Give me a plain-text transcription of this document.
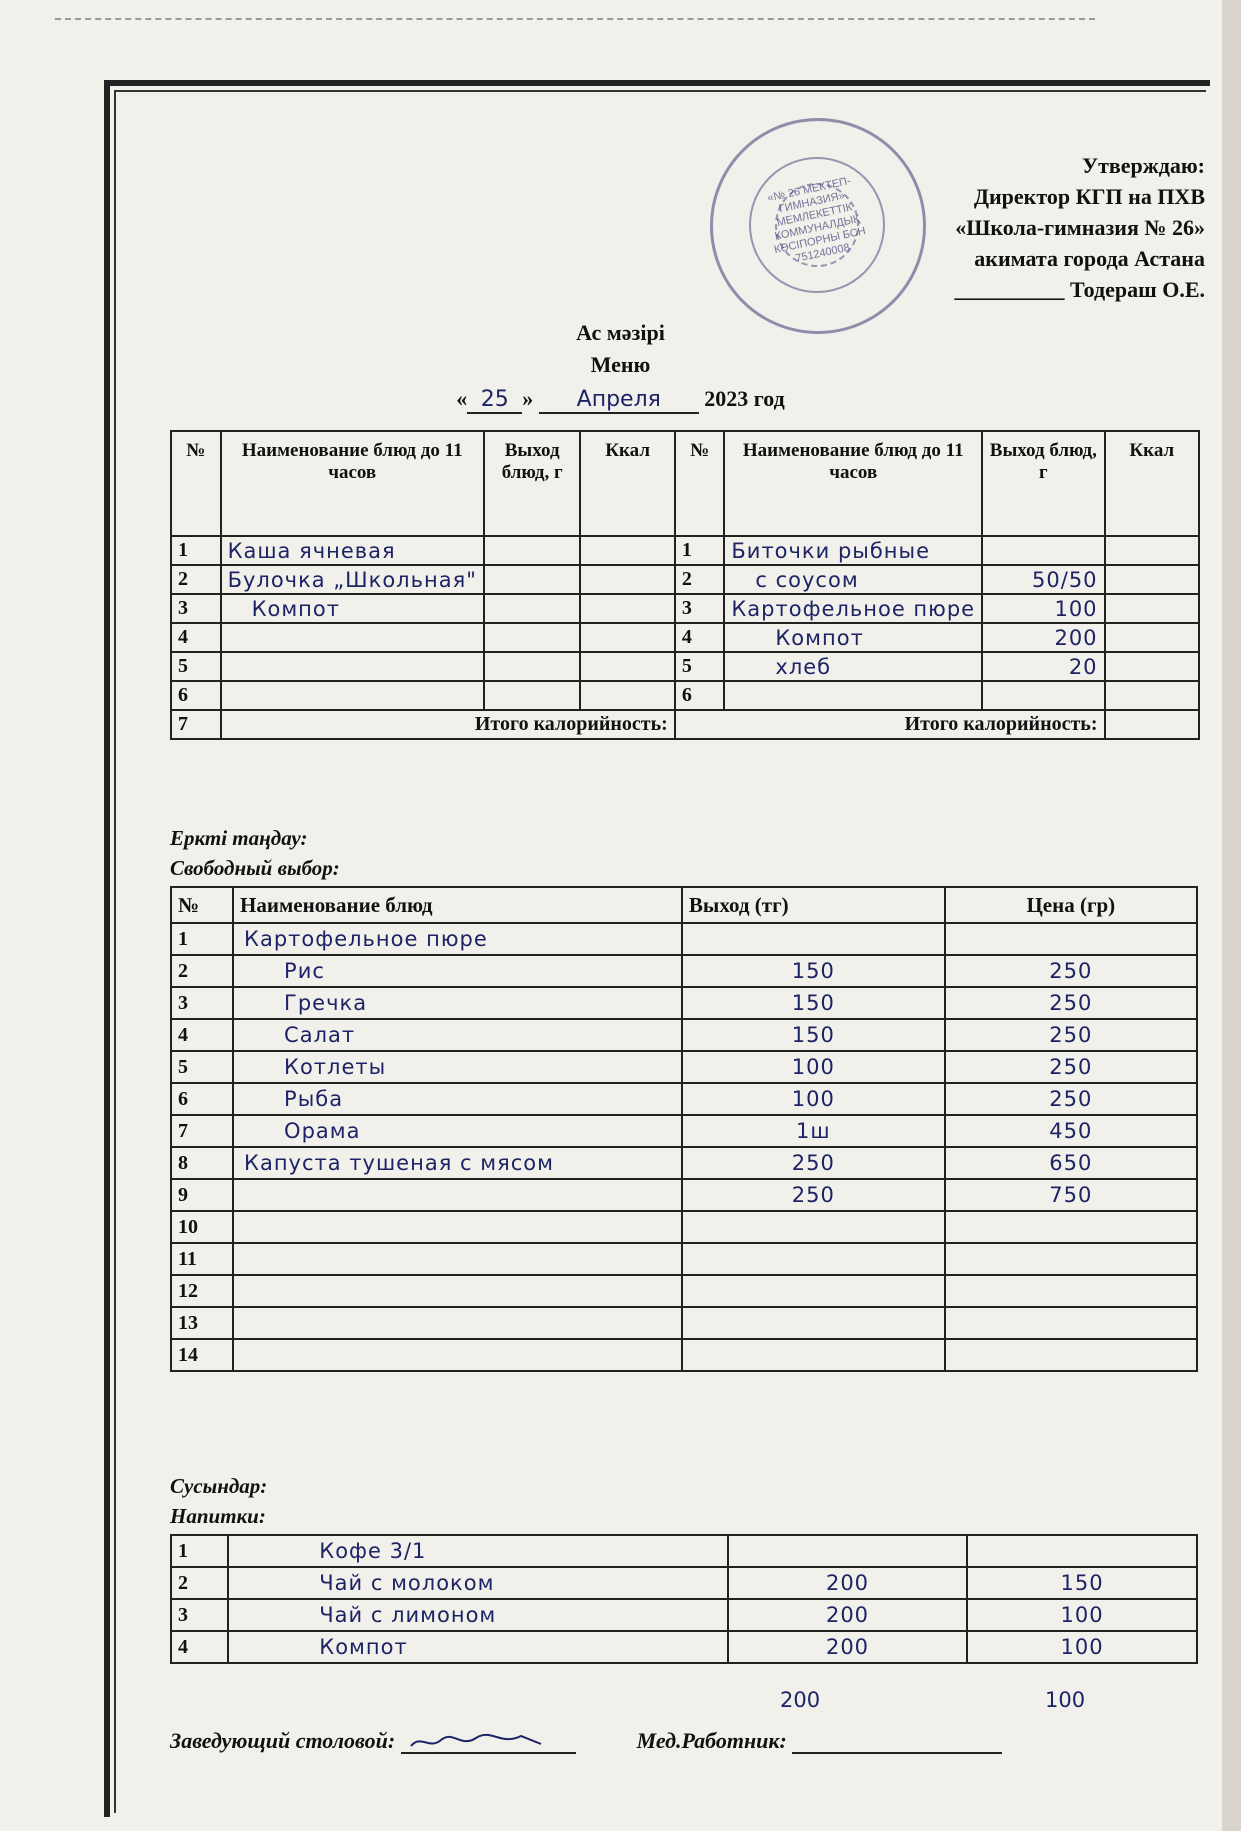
«№ 26 МЕКТЕП-ГИМНАЗИЯ» МЕМЛЕКЕТТІК КОММУНАЛДЫҚ КӘСІПОРНЫ БСН 751240008
Утверждаю:
Директор КГП на ПХВ
«Школа-гимназия № 26»
акимата города Астана
__________ Тодераш О.Е.
Ас мәзірі
Меню
« 25 » Апреля 2023 год
№	Наименование блюд до 11 часов	Выход блюд, г	Ккал	№	Наименование блюд до 11 часов	Выход блюд, г	Ккал
1	Каша ячневая			1	Биточки рыбные		
2	Булочка „Школьная"			2	с соусом	50/50	
3	Компот			3	Картофельное пюре	100	
4				4	Компот	200	
5				5	хлеб	20	
6				6			
7	Итого калорийность:			Итого калорийность:			
Еркті таңдау:
Свободный выбор:
№	Наименование блюд	Выход (тг)	Цена (гр)
1	Картофельное пюре		
2	Рис	150	250
3	Гречка	150	250
4	Салат	150	250
5	Котлеты	100	250
6	Рыба	100	250
7	Орама	1ш	450
8	Капуста тушеная с мясом	250	650
9		250	750
10			
11			
12			
13			
14			
Сусындар:
Напитки:
1	Кофе 3/1		
2	Чай с молоком	200	150
3	Чай с лимоном	200	100
4	Компот	200	100
200	100
Заведующий столовой:	Мед.Работник:
